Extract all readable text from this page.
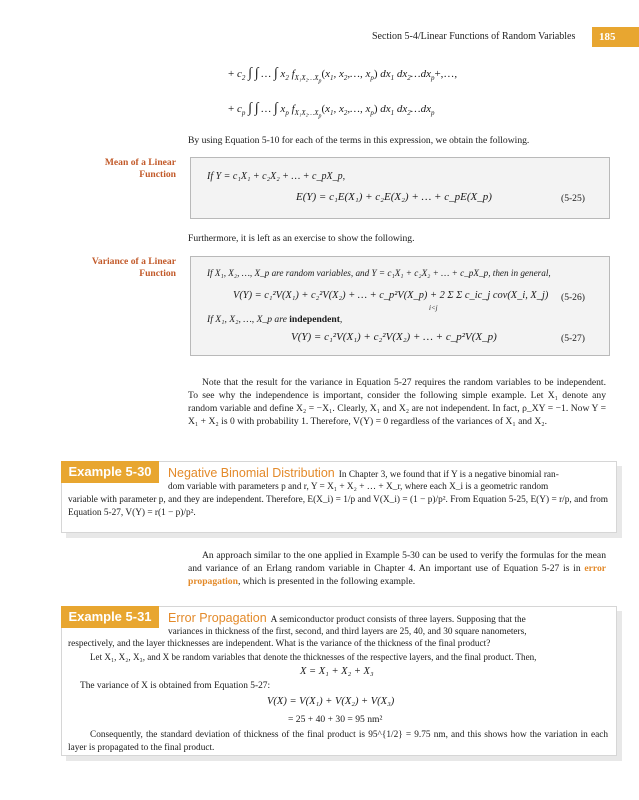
Section 5-4/Linear Functions of Random Variables	185
+ $c_2$ ∫ ∫ … ∫ $x_2$ $f_{X_1X_2\dots X_p}(x_1$, $x_2,\dots$, $x_p$) $dx_1$ $dx_2\dots dx_p+,\dots$,
+ $c_p$ ∫ ∫ … ∫ $x_p$ $f_{X_1X_2\dots X_p}(x_1$, $x_2,\dots$, $x_p$) $dx_1$ $dx_2\dots dx_p$
By using Equation 5-10 for each of the terms in this expression, we obtain the following.
Mean of a Linear Function	If Y = c₁X₁ + c₂X₂ + … + c_pX_p,
E(Y) = c₁E(X₁) + c₂E(X₂) + … + c_pE(X_p)	(5-25)
Furthermore, it is left as an exercise to show the following.
Variance of a Linear Function	If X₁, X₂, …, X_p are random variables, and Y = c₁X₁ + c₂X₂ + … + c_pX_p, then in general,
V(Y) = c₁²V(X₁) + c₂²V(X₂) + … + c_p²V(X_p) + 2 Σ Σ c_ic_j cov(X_i, X_j)
i<j
(5-26)
If X₁, X₂, …, X_p are independent,
V(Y) = c₁²V(X₁) + c₂²V(X₂) + … + c_p²V(X_p)	(5-27)
Note that the result for the variance in Equation 5-27 requires the random variables to be independent. To see why the independence is important, consider the following simple example. Let X₁ denote any random variable and define X₂ = −X₁. Clearly, X₁ and X₂ are not independent. In fact, ρ_XY = −1. Now Y = X₁ + X₂ is 0 with probability 1. Therefore, V(Y) = 0 regardless of the variances of X₁ and X₂.
Example 5-30	Negative Binomial Distribution In Chapter 3, we found that if Y is a negative binomial ran-
dom variable with parameters p and r, Y = X₁ + X₂ + … + X_r, where each X_i is a geometric random
variable with parameter p, and they are independent. Therefore, E(X_i) = 1/p and V(X_i) = (1 − p)/p². From Equation 5-25, E(Y) = r/p, and from Equation 5-27, V(Y) = r(1 − p)/p².
An approach similar to the one applied in Example 5-30 can be used to verify the formulas for the mean and variance of an Erlang random variable in Chapter 4. An important use of Equation 5-27 is in error propagation, which is presented in the following example.
Example 5-31	Error Propagation A semiconductor product consists of three layers. Supposing that the
variances in thickness of the first, second, and third layers are 25, 40, and 30 square nanometers,
respectively, and the layer thicknesses are independent. What is the variance of the thickness of the final product?
Let X₁, X₂, X₃, and X be random variables that denote the thicknesses of the respective layers, and the final product. Then,
X = X₁ + X₂ + X₃
The variance of X is obtained from Equation 5-27:
V(X) = V(X₁) + V(X₂) + V(X₃)
= 25 + 40 + 30 = 95 nm²
Consequently, the standard deviation of thickness of the final product is 95^{1/2} = 9.75 nm, and this shows how the variation in each layer is propagated to the final product.
